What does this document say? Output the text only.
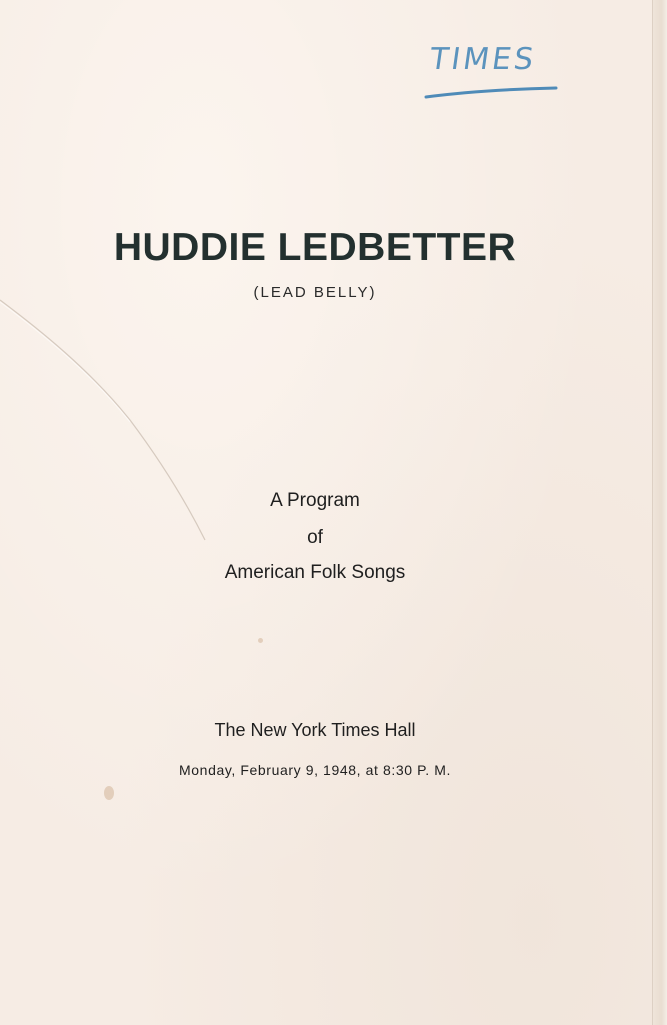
TIMES
HUDDIE LEDBETTER
(LEAD BELLY)
A Program
of
American Folk Songs
The New York Times Hall
Monday, February 9, 1948, at 8:30 P. M.
